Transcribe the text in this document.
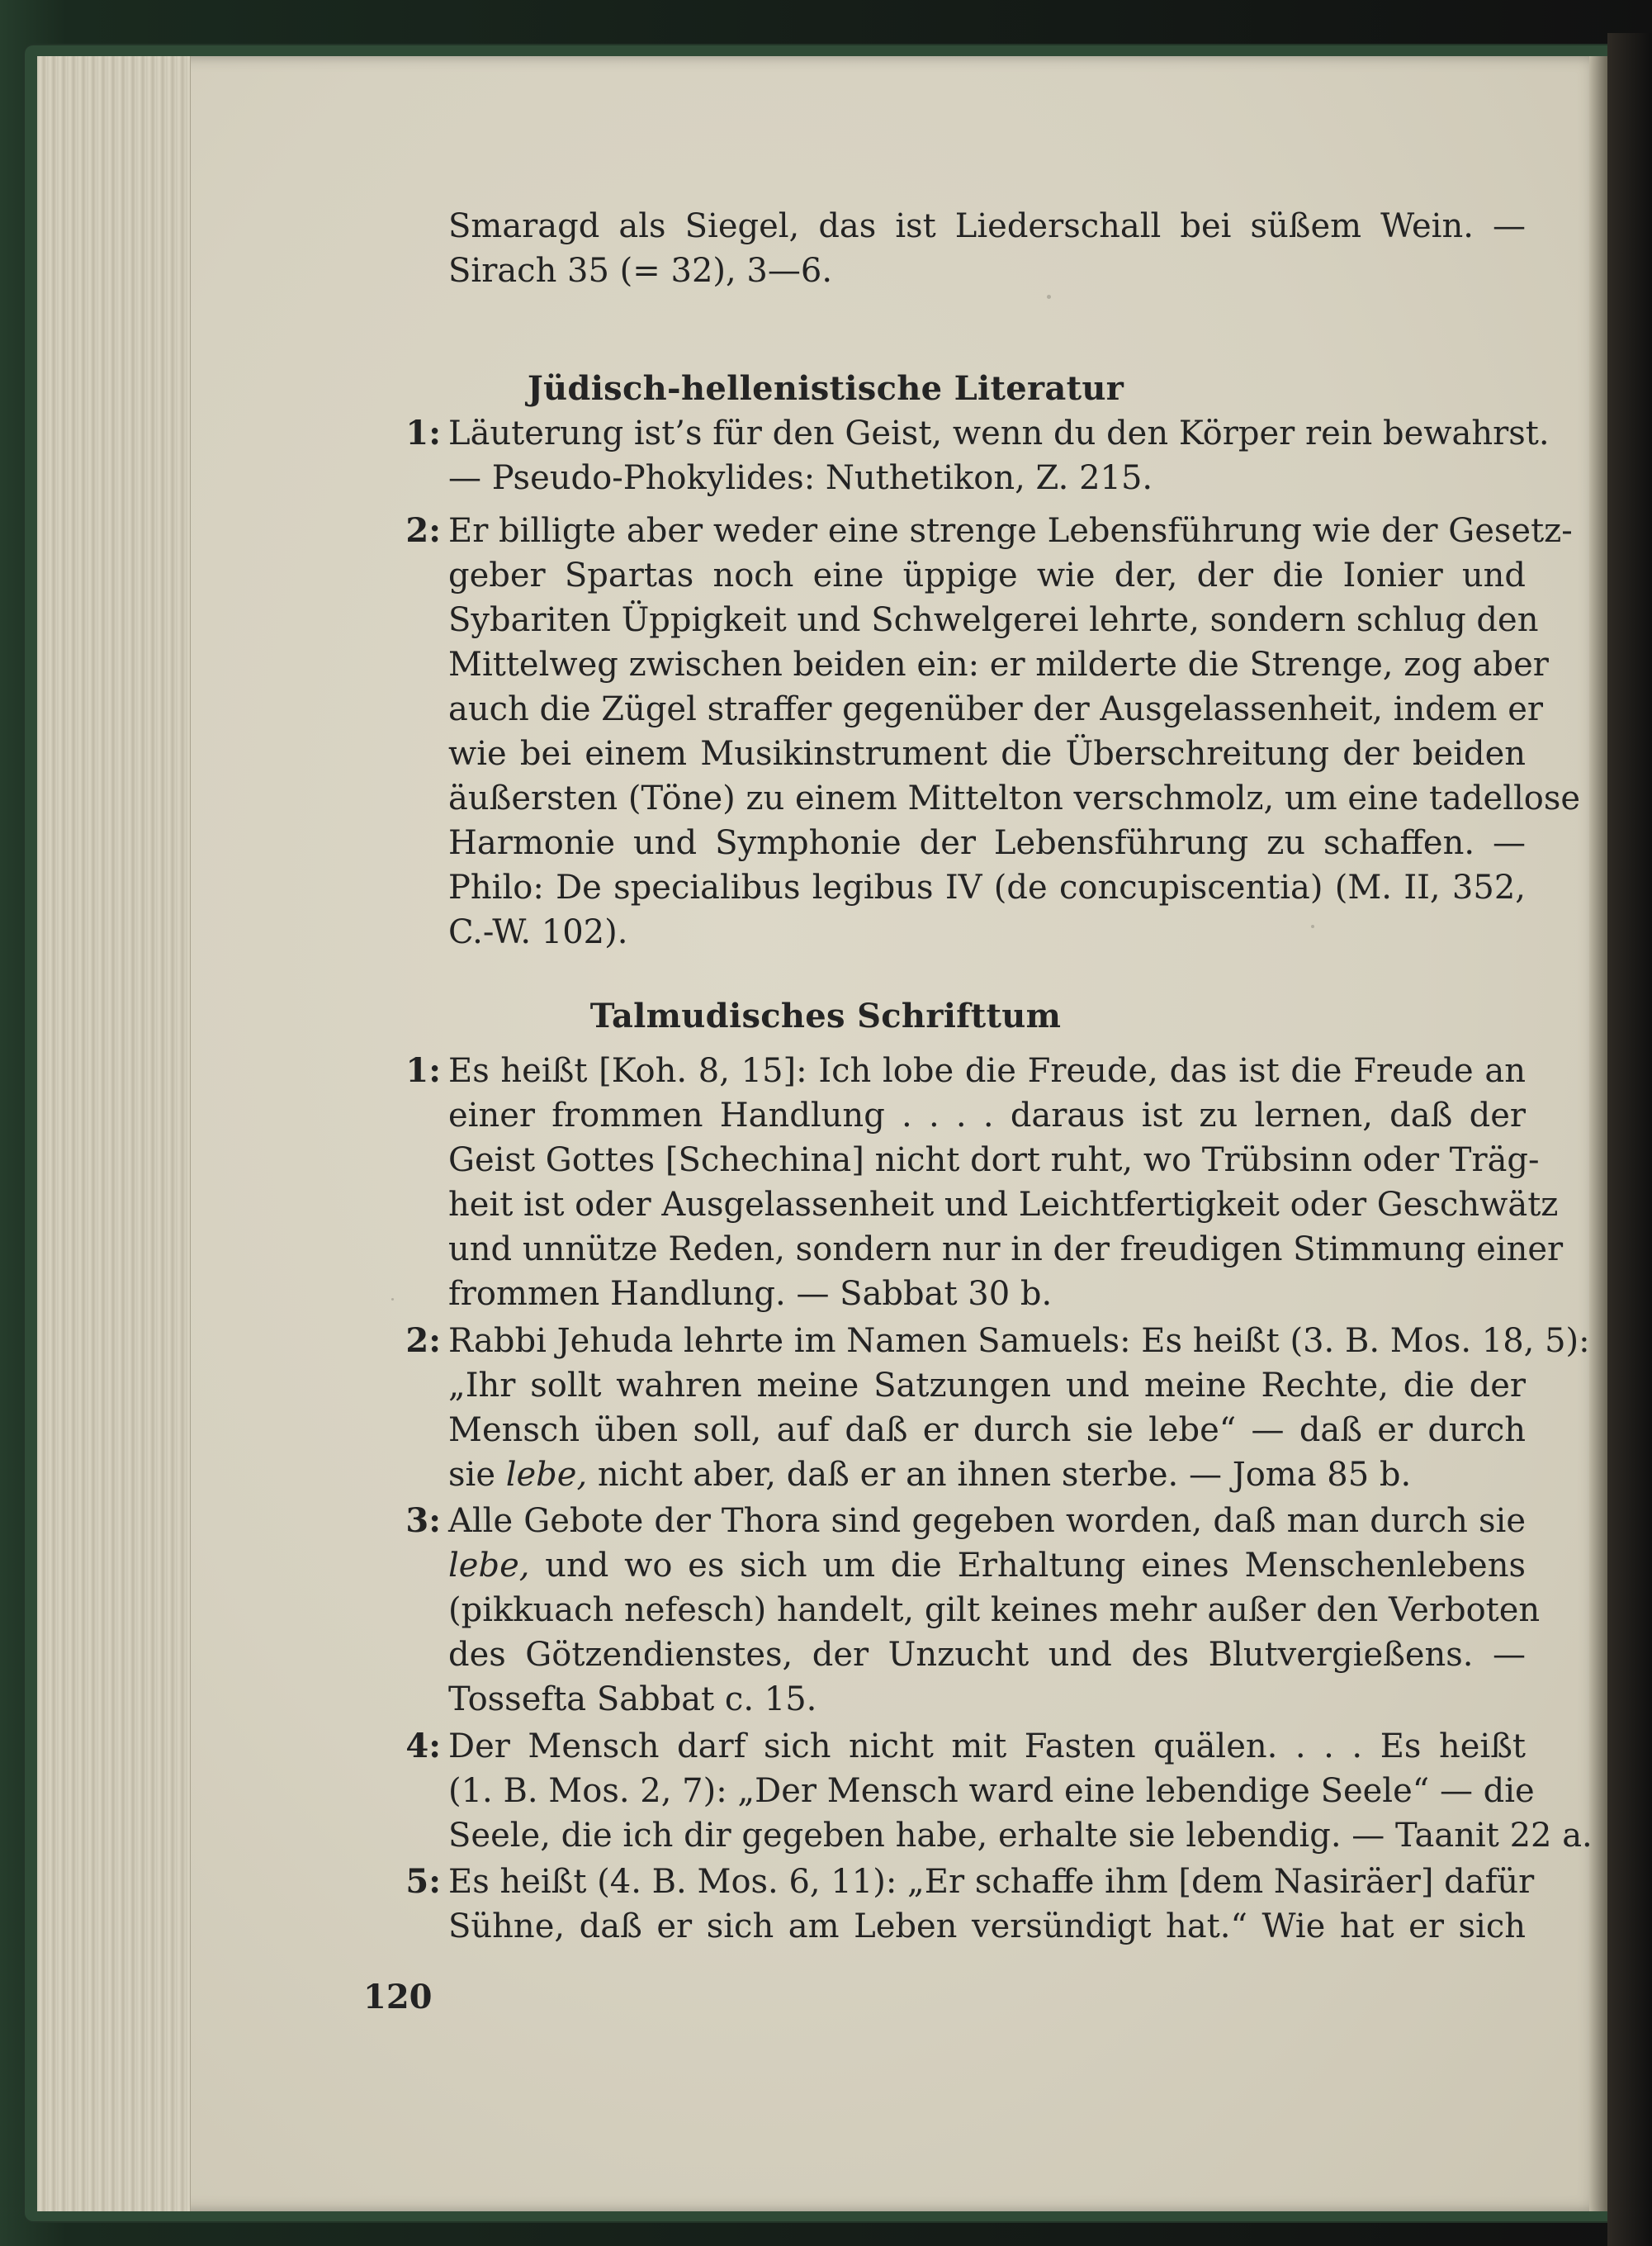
Smaragd als Siegel, das ist Liederschall bei süßem Wein. —
Sirach 35 (= 32), 3—6.
Jüdisch-hellenistische Literatur
1: Läuterung ist’s für den Geist, wenn du den Körper rein bewahrst.
— Pseudo-Phokylides: Nuthetikon, Z. 215.
2: Er billigte aber weder eine strenge Lebensführung wie der Gesetz-
geber Spartas noch eine üppige wie der, der die Ionier und
Sybariten Üppigkeit und Schwelgerei lehrte, sondern schlug den
Mittelweg zwischen beiden ein: er milderte die Strenge, zog aber
auch die Zügel straffer gegenüber der Ausgelassenheit, indem er
wie bei einem Musikinstrument die Überschreitung der beiden
äußersten (Töne) zu einem Mittelton verschmolz, um eine tadellose
Harmonie und Symphonie der Lebensführung zu schaffen. —
Philo: De specialibus legibus IV (de concupiscentia) (M. II, 352,
C.-W. 102).
Talmudisches Schrifttum
1: Es heißt [Koh. 8, 15]: Ich lobe die Freude, das ist die Freude an
einer frommen Handlung . . . . daraus ist zu lernen, daß der
Geist Gottes [Schechina] nicht dort ruht, wo Trübsinn oder Träg-
heit ist oder Ausgelassenheit und Leichtfertigkeit oder Geschwätz
und unnütze Reden, sondern nur in der freudigen Stimmung einer
frommen Handlung. — Sabbat 30 b.
2: Rabbi Jehuda lehrte im Namen Samuels: Es heißt (3. B. Mos. 18, 5):
„Ihr sollt wahren meine Satzungen und meine Rechte, die der
Mensch üben soll, auf daß er durch sie lebe“ — daß er durch
sie lebe, nicht aber, daß er an ihnen sterbe. — Joma 85 b.
3: Alle Gebote der Thora sind gegeben worden, daß man durch sie
lebe, und wo es sich um die Erhaltung eines Menschenlebens
(pikkuach nefesch) handelt, gilt keines mehr außer den Verboten
des Götzendienstes, der Unzucht und des Blutvergießens. —
Tossefta Sabbat c. 15.
4: Der Mensch darf sich nicht mit Fasten quälen. . . . Es heißt
(1. B. Mos. 2, 7): „Der Mensch ward eine lebendige Seele“ — die
Seele, die ich dir gegeben habe, erhalte sie lebendig. — Taanit 22 a.
5: Es heißt (4. B. Mos. 6, 11): „Er schaffe ihm [dem Nasiräer] dafür
Sühne, daß er sich am Leben versündigt hat.“ Wie hat er sich
120
